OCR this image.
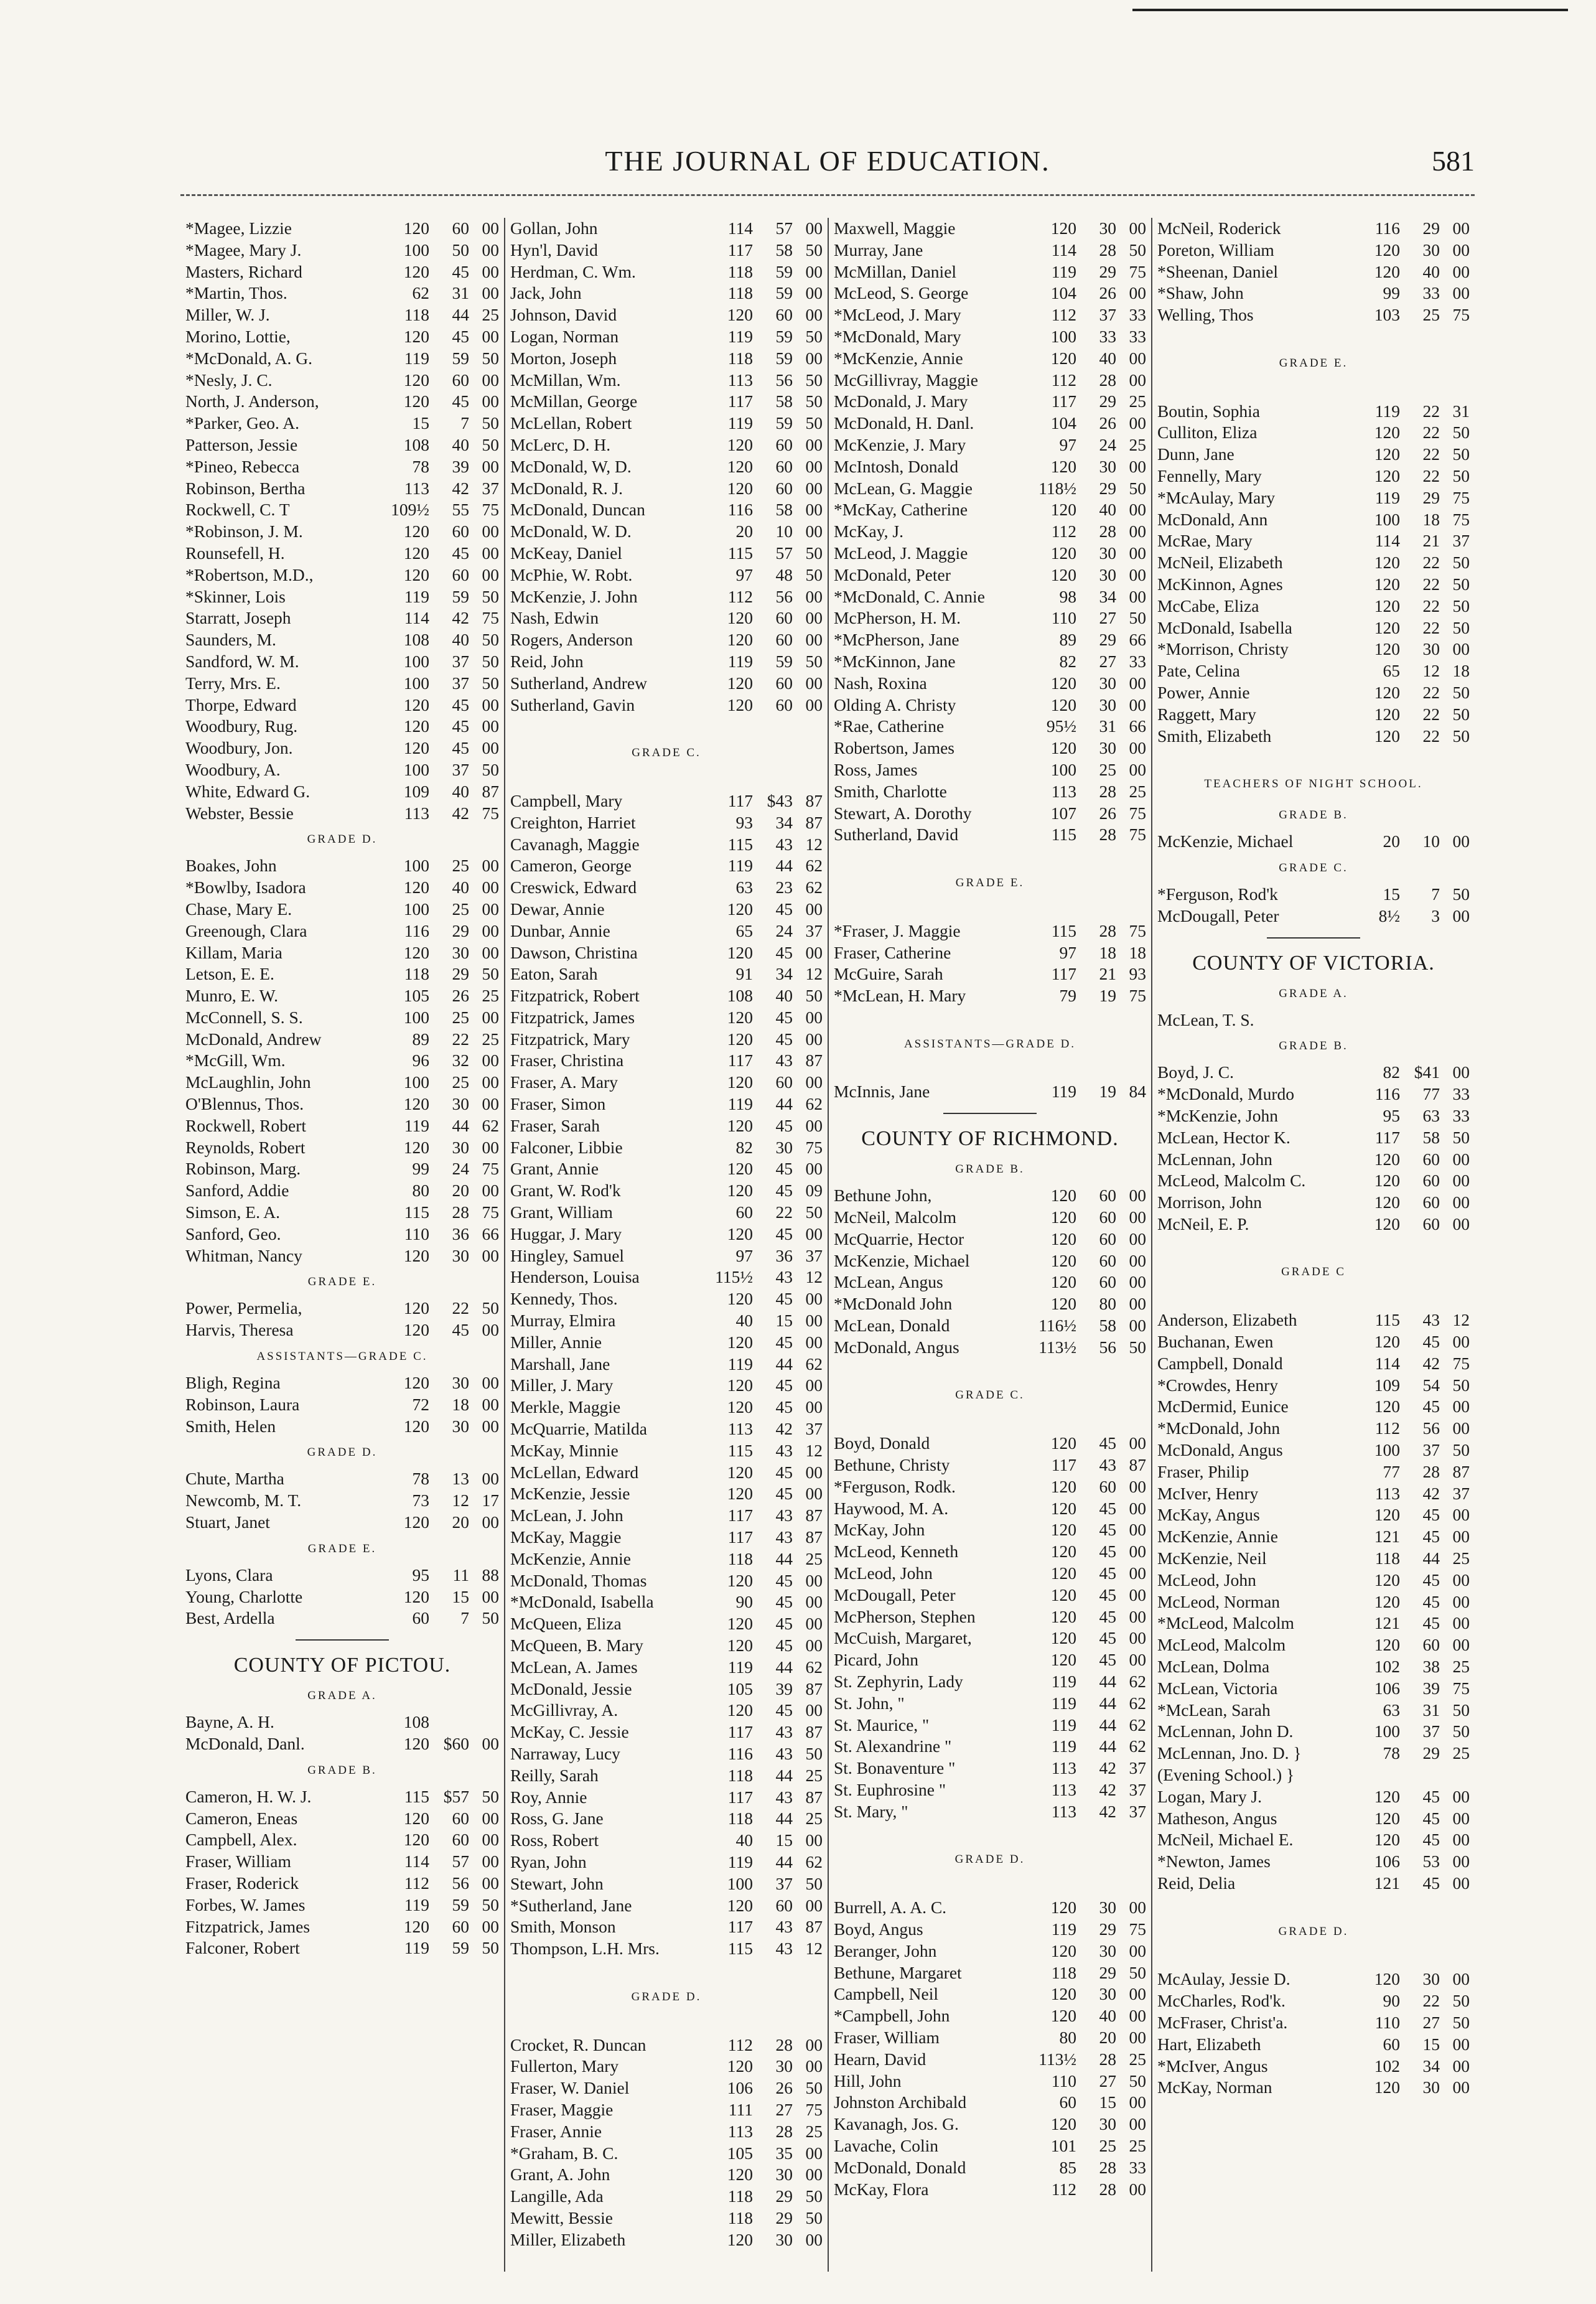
THE JOURNAL OF EDUCATION.	581
*Magee, Lizzie	120	60 00
*Magee, Mary J.	100	50 00
Masters, Richard	120	45 00
*Martin, Thos.	62	31 00
Miller, W. J.	118	44 25
Morino, Lottie,	120	45 00
*McDonald, A. G.	119	59 50
*Nesly, J. C.	120	60 00
North, J. Anderson,	120	45 00
*Parker, Geo. A.	15	7 50
Patterson, Jessie	108	40 50
*Pineo, Rebecca	78	39 00
Robinson, Bertha	113	42 37
Rockwell, C. T	109½	55 75
*Robinson, J. M.	120	60 00
Rounsefell, H.	120	45 00
*Robertson, M.D.,	120	60 00
*Skinner, Lois	119	59 50
Starratt, Joseph	114	42 75
Saunders, M.	108	40 50
Sandford, W. M.	100	37 50
Terry, Mrs. E.	100	37 50
Thorpe, Edward	120	45 00
Woodbury, Rug.	120	45 00
Woodbury, Jon.	120	45 00
Woodbury, A.	100	37 50
White, Edward G.	109	40 87
Webster, Bessie	113	42 75
GRADE D.
Boakes, John	100	25 00
*Bowlby, Isadora	120	40 00
Chase, Mary E.	100	25 00
Greenough, Clara	116	29 00
Killam, Maria	120	30 00
Letson, E. E.	118	29 50
Munro, E. W.	105	26 25
McConnell, S. S.	100	25 00
McDonald, Andrew	89	22 25
*McGill, Wm.	96	32 00
McLaughlin, John	100	25 00
O'Blennus, Thos.	120	30 00
Rockwell, Robert	119	44 62
Reynolds, Robert	120	30 00
Robinson, Marg.	99	24 75
Sanford, Addie	80	20 00
Simson, E. A.	115	28 75
Sanford, Geo.	110	36 66
Whitman, Nancy	120	30 00
GRADE E.
Power, Permelia,	120	22 50
Harvis, Theresa	120	45 00
ASSISTANTS—GRADE C.
Bligh, Regina	120	30 00
Robinson, Laura	72	18 00
Smith, Helen	120	30 00
GRADE D.
Chute, Martha	78	13 00
Newcomb, M. T.	73	12 17
Stuart, Janet	120	20 00
GRADE E.
Lyons, Clara	95	11 88
Young, Charlotte	120	15 00
Best, Ardella	60	7 50
COUNTY OF PICTOU.
GRADE A.
Bayne, A. H.	108
McDonald, Danl.	120 $60 00
GRADE B.
Cameron, H. W. J.	115 $57 50
Cameron, Eneas	120	60 00
Campbell, Alex.	120	60 00
Fraser, William	114	57 00
Fraser, Roderick	112	56 00
Forbes, W. James	119	59 50
Fitzpatrick, James	120	60 00
Falconer, Robert	119	59 50
Gollan, John	114	57 00
Hyn'l, David	117	58 50
Herdman, C. Wm.	118	59 00
Jack, John	118	59 00
Johnson, David	120	60 00
Logan, Norman	119	59 50
Morton, Joseph	118	59 00
McMillan, Wm.	113	56 50
McMillan, George	117	58 50
McLellan, Robert	119	59 50
McLerc, D. H.	120	60 00
McDonald, W, D.	120	60 00
McDonald, R. J.	120	60 00
McDonald, Duncan	116	58 00
McDonald, W. D.	20	10 00
McKeay, Daniel	115	57 50
McPhie, W. Robt.	97	48 50
McKenzie, J. John	112	56 00
Nash, Edwin	120	60 00
Rogers, Anderson	120	60 00
Reid, John	119	59 50
Sutherland, Andrew	120	60 00
Sutherland, Gavin	120	60 00
GRADE C.
Campbell, Mary	117 $43 87
Creighton, Harriet	93	34 87
Cavanagh, Maggie	115	43 12
Cameron, George	119	44 62
Creswick, Edward	63	23 62
Dewar, Annie	120	45 00
Dunbar, Annie	65	24 37
Dawson, Christina	120	45 00
Eaton, Sarah	91	34 12
Fitzpatrick, Robert	108	40 50
Fitzpatrick, James	120	45 00
Fitzpatrick, Mary	120	45 00
Fraser, Christina	117	43 87
Fraser, A. Mary	120	60 00
Fraser, Simon	119	44 62
Fraser, Sarah	120	45 00
Falconer, Libbie	82	30 75
Grant, Annie	120	45 00
Grant, W. Rod'k	120	45 09
Grant, William	60	22 50
Huggar, J. Mary	120	45 00
Hingley, Samuel	97	36 37
Henderson, Louisa	115½	43 12
Kennedy, Thos.	120	45 00
Murray, Elmira	40	15 00
Miller, Annie	120	45 00
Marshall, Jane	119	44 62
Miller, J. Mary	120	45 00
Merkle, Maggie	120	45 00
McQuarrie, Matilda	113	42 37
McKay, Minnie	115	43 12
McLellan, Edward	120	45 00
McKenzie, Jessie	120	45 00
McLean, J. John	117	43 87
McKay, Maggie	117	43 87
McKenzie, Annie	118	44 25
McDonald, Thomas	120	45 00
*McDonald, Isabella	90	45 00
McQueen, Eliza	120	45 00
McQueen, B. Mary	120	45 00
McLean, A. James	119	44 62
McDonald, Jessie	105	39 87
McGillivray, A.	120	45 00
McKay, C. Jessie	117	43 87
Narraway, Lucy	116	43 50
Reilly, Sarah	118	44 25
Roy, Annie	117	43 87
Ross, G. Jane	118	44 25
Ross, Robert	40	15 00
Ryan, John	119	44 62
Stewart, John	100	37 50
*Sutherland, Jane	120	60 00
Smith, Monson	117	43 87
Thompson, L.H. Mrs.	115	43 12
GRADE D.
Crocket, R. Duncan	112	28 00
Fullerton, Mary	120	30 00
Fraser, W. Daniel	106	26 50
Fraser, Maggie	111	27 75
Fraser, Annie	113	28 25
*Graham, B. C.	105	35 00
Grant, A. John	120	30 00
Langille, Ada	118	29 50
Mewitt, Bessie	118	29 50
Miller, Elizabeth	120	30 00
Maxwell, Maggie	120	30 00
Murray, Jane	114	28 50
McMillan, Daniel	119	29 75
McLeod, S. George	104	26 00
*McLeod, J. Mary	112	37 33
*McDonald, Mary	100	33 33
*McKenzie, Annie	120	40 00
McGillivray, Maggie	112	28 00
McDonald, J. Mary	117	29 25
McDonald, H. Danl.	104	26 00
McKenzie, J. Mary	97	24 25
McIntosh, Donald	120	30 00
McLean, G. Maggie	118½	29 50
*McKay, Catherine	120	40 00
McKay, J.	112	28 00
McLeod, J. Maggie	120	30 00
McDonald, Peter	120	30 00
*McDonald, C. Annie	98	34 00
McPherson, H. M.	110	27 50
*McPherson, Jane	89	29 66
*McKinnon, Jane	82	27 33
Nash, Roxina	120	30 00
Olding A. Christy	120	30 00
*Rae, Catherine	95½	31 66
Robertson, James	120	30 00
Ross, James	100	25 00
Smith, Charlotte	113	28 25
Stewart, A. Dorothy	107	26 75
Sutherland, David	115	28 75
GRADE E.
*Fraser, J. Maggie	115	28 75
Fraser, Catherine	97	18 18
McGuire, Sarah	117	21 93
*McLean, H. Mary	79	19 75
ASSISTANTS—GRADE D.
McInnis, Jane	119	19 84
COUNTY OF RICHMOND.
GRADE B.
Bethune John,	120	60 00
McNeil, Malcolm	120	60 00
McQuarrie, Hector	120	60 00
McKenzie, Michael	120	60 00
McLean, Angus	120	60 00
*McDonald John	120	80 00
McLean, Donald	116½	58 00
McDonald, Angus	113½	56 50
GRADE C.
Boyd, Donald	120	45 00
Bethune, Christy	117	43 87
*Ferguson, Rodk.	120	60 00
Haywood, M. A.	120	45 00
McKay, John	120	45 00
McLeod, Kenneth	120	45 00
McLeod, John	120	45 00
McDougall, Peter	120	45 00
McPherson, Stephen	120	45 00
McCuish, Margaret,	120	45 00
Picard, John	120	45 00
St. Zephyrin, Lady	119	44 62
St. John, "	119	44 62
St. Maurice, "	119	44 62
St. Alexandrine "	119	44 62
St. Bonaventure "	113	42 37
St. Euphrosine "	113	42 37
St. Mary, "	113	42 37
GRADE D.
Burrell, A. A. C.	120	30 00
Boyd, Angus	119	29 75
Beranger, John	120	30 00
Bethune, Margaret	118	29 50
Campbell, Neil	120	30 00
*Campbell, John	120	40 00
Fraser, William	80	20 00
Hearn, David	113½	28 25
Hill, John	110	27 50
Johnston Archibald	60	15 00
Kavanagh, Jos. G.	120	30 00
Lavache, Colin	101	25 25
McDonald, Donald	85	28 33
McKay, Flora	112	28 00
McNeil, Roderick	116	29 00
Poreton, William	120	30 00
*Sheenan, Daniel	120	40 00
*Shaw, John	99	33 00
Welling, Thos	103	25 75
GRADE E.
Boutin, Sophia	119	22 31
Culliton, Eliza	120	22 50
Dunn, Jane	120	22 50
Fennelly, Mary	120	22 50
*McAulay, Mary	119	29 75
McDonald, Ann	100	18 75
McRae, Mary	114	21 37
McNeil, Elizabeth	120	22 50
McKinnon, Agnes	120	22 50
McCabe, Eliza	120	22 50
McDonald, Isabella	120	22 50
*Morrison, Christy	120	30 00
Pate, Celina	65	12 18
Power, Annie	120	22 50
Raggett, Mary	120	22 50
Smith, Elizabeth	120	22 50
TEACHERS OF NIGHT SCHOOL.
GRADE B.
McKenzie, Michael	20	10 00
GRADE C.
*Ferguson, Rod'k	15	7 50
McDougall, Peter	8½	3 00
COUNTY OF VICTORIA.
GRADE A.
McLean, T. S.
GRADE B.
Boyd, J. C.	82 $41 00
*McDonald, Murdo	116	77 33
*McKenzie, John	95	63 33
McLean, Hector K.	117	58 50
McLennan, John	120	60 00
McLeod, Malcolm C.	120	60 00
Morrison, John	120	60 00
McNeil, E. P.	120	60 00
GRADE C
Anderson, Elizabeth	115	43 12
Buchanan, Ewen	120	45 00
Campbell, Donald	114	42 75
*Crowdes, Henry	109	54 50
McDermid, Eunice	120	45 00
*McDonald, John	112	56 00
McDonald, Angus	100	37 50
Fraser, Philip	77	28 87
McIver, Henry	113	42 37
McKay, Angus	120	45 00
McKenzie, Annie	121	45 00
McKenzie, Neil	118	44 25
McLeod, John	120	45 00
McLeod, Norman	120	45 00
*McLeod, Malcolm	121	45 00
McLeod, Malcolm	120	60 00
McLean, Dolma	102	38 25
McLean, Victoria	106	39 75
*McLean, Sarah	63	31 50
McLennan, John D.	100	37 50
McLennan, Jno. D. }	78	29 25
(Evening School.) }
Logan, Mary J.	120	45 00
Matheson, Angus	120	45 00
McNeil, Michael E.	120	45 00
*Newton, James	106	53 00
Reid, Delia	121	45 00
GRADE D.
McAulay, Jessie D.	120	30 00
McCharles, Rod'k.	90	22 50
McFraser, Christ'a.	110	27 50
Hart, Elizabeth	60	15 00
*McIver, Angus	102	34 00
McKay, Norman	120	30 00
